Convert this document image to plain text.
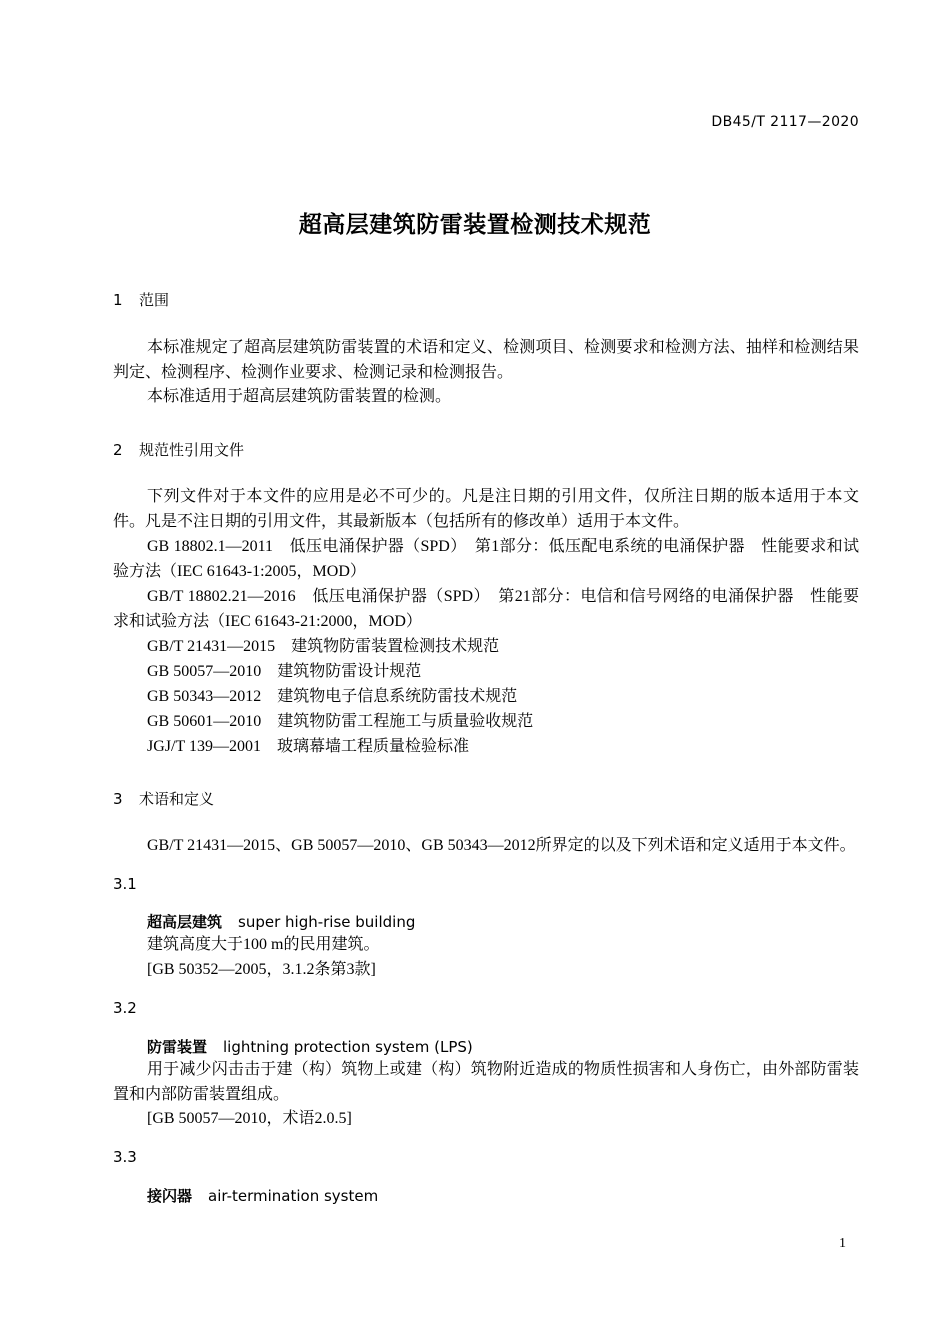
DB45/T 2117—2020
超高层建筑防雷装置检测技术规范
1 范围
本标准规定了超高层建筑防雷装置的术语和定义、检测项目、检测要求和检测方法、抽样和检测结果判定、检测程序、检测作业要求、检测记录和检测报告。
本标准适用于超高层建筑防雷装置的检测。
2 规范性引用文件
下列文件对于本文件的应用是必不可少的。凡是注日期的引用文件，仅所注日期的版本适用于本文件。凡是不注日期的引用文件，其最新版本（包括所有的修改单）适用于本文件。
GB 18802.1—2011　低压电涌保护器（SPD）　第1部分：低压配电系统的电涌保护器　性能要求和试验方法（IEC 61643-1:2005，MOD）
GB/T 18802.21—2016　低压电涌保护器（SPD）　第21部分：电信和信号网络的电涌保护器　性能要求和试验方法（IEC 61643-21:2000，MOD）
GB/T 21431—2015　建筑物防雷装置检测技术规范
GB 50057—2010　建筑物防雷设计规范
GB 50343—2012　建筑物电子信息系统防雷技术规范
GB 50601—2010　建筑物防雷工程施工与质量验收规范
JGJ/T 139—2001　玻璃幕墙工程质量检验标准
3 术语和定义
GB/T 21431—2015、GB 50057—2010、GB 50343—2012所界定的以及下列术语和定义适用于本文件。
3.1
超高层建筑 super high-rise building
建筑高度大于100 m的民用建筑。
[GB 50352—2005，3.1.2条第3款]
3.2
防雷装置 lightning protection system (LPS)
用于减少闪击击于建（构）筑物上或建（构）筑物附近造成的物质性损害和人身伤亡，由外部防雷装置和内部防雷装置组成。
[GB 50057—2010，术语2.0.5]
3.3
接闪器 air-termination system
1
